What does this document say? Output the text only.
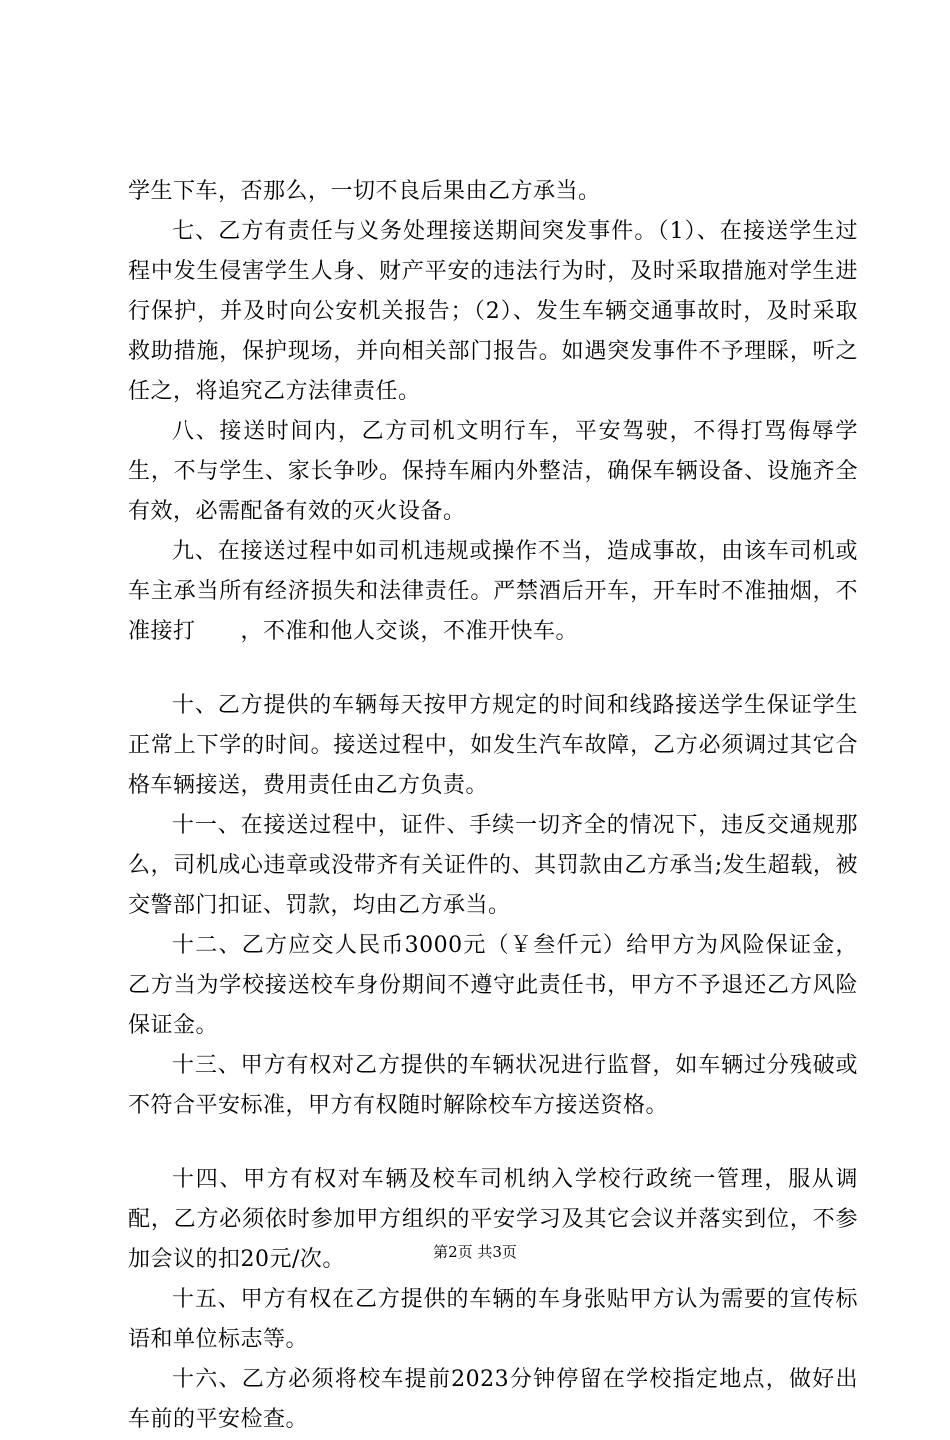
学生下车，否那么，一切不良后果由乙方承当。

七、乙方有责任与义务处理接送期间突发事件。（1）、在接送学生过程中发生侵害学生人身、财产平安的违法行为时，及时采取措施对学生进行保护，并及时向公安机关报告；（2）、发生车辆交通事故时，及时采取救助措施，保护现场，并向相关部门报告。如遇突发事件不予理睬，听之任之，将追究乙方法律责任。

八、接送时间内，乙方司机文明行车，平安驾驶，不得打骂侮辱学生，不与学生、家长争吵。保持车厢内外整洁，确保车辆设备、设施齐全有效，必需配备有效的灭火设备。

九、在接送过程中如司机违规或操作不当，造成事故，由该车司机或车主承当所有经济损失和法律责任。严禁酒后开车，开车时不准抽烟，不准接打　　，不准和他人交谈，不准开快车。

十、乙方提供的车辆每天按甲方规定的时间和线路接送学生保证学生正常上下学的时间。接送过程中，如发生汽车故障，乙方必须调过其它合格车辆接送，费用责任由乙方负责。

十一、在接送过程中，证件、手续一切齐全的情况下，违反交通规那么，司机成心违章或没带齐有关证件的、其罚款由乙方承当;发生超载，被交警部门扣证、罚款，均由乙方承当。

十二、乙方应交人民币3000元（￥叁仟元）给甲方为风险保证金，乙方当为学校接送校车身份期间不遵守此责任书，甲方不予退还乙方风险保证金。

十三、甲方有权对乙方提供的车辆状况进行监督，如车辆过分残破或不符合平安标准，甲方有权随时解除校车方接送资格。

十四、甲方有权对车辆及校车司机纳入学校行政统一管理，服从调配，乙方必须依时参加甲方组织的平安学习及其它会议并落实到位，不参加会议的扣20元/次。

十五、甲方有权在乙方提供的车辆的车身张贴甲方认为需要的宣传标语和单位标志等。

十六、乙方必须将校车提前2023分钟停留在学校指定地点，做好出车前的平安检查。

第2页 共3页
